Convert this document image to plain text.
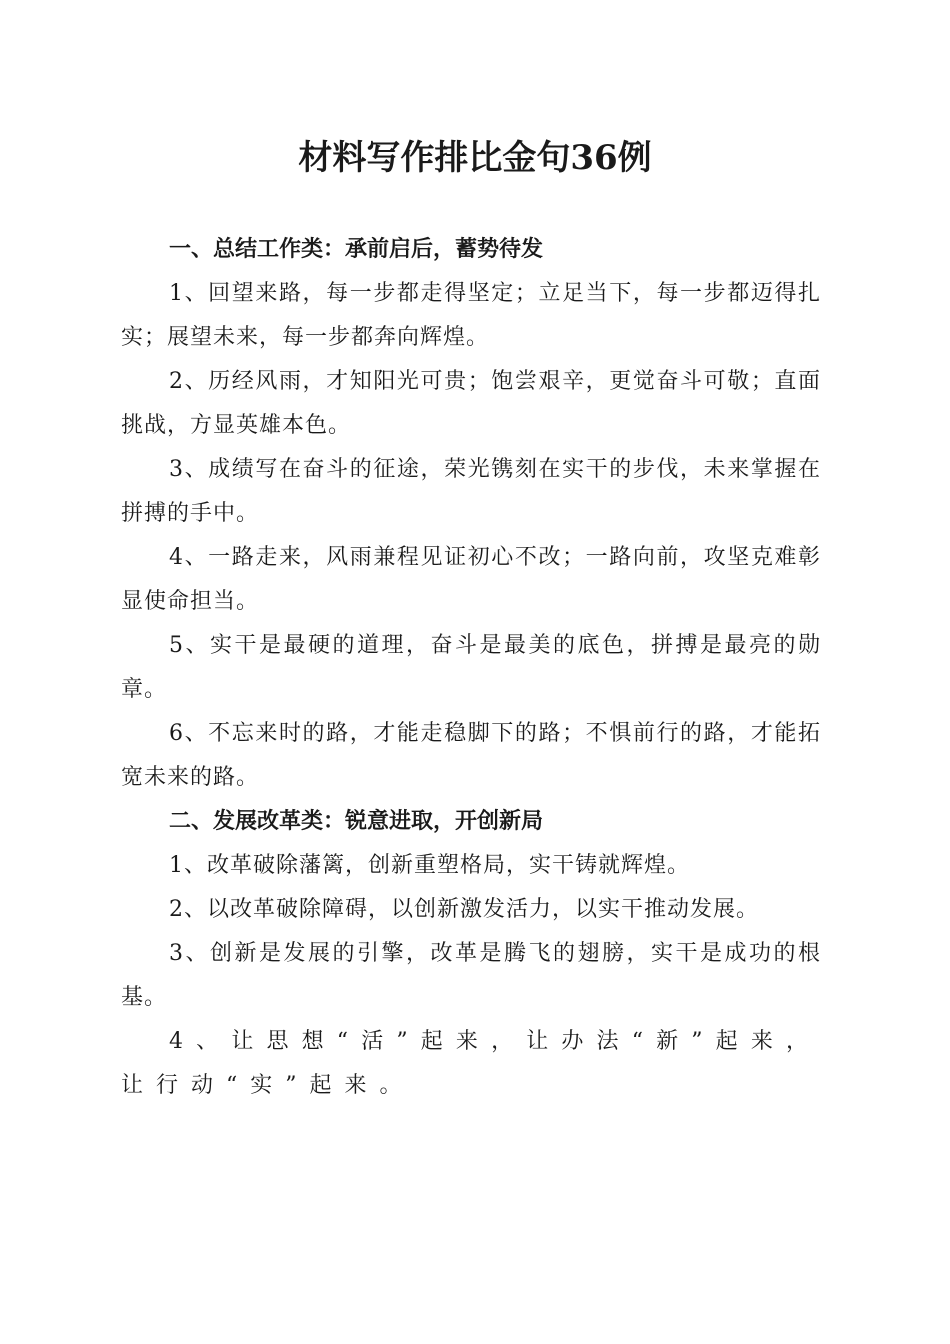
材料写作排比金句36例

一、总结工作类：承前启后，蓄势待发

1、回望来路，每一步都走得坚定；立足当下，每一步都迈得扎实；展望未来，每一步都奔向辉煌。

2、历经风雨，才知阳光可贵；饱尝艰辛，更觉奋斗可敬；直面挑战，方显英雄本色。

3、成绩写在奋斗的征途，荣光镌刻在实干的步伐，未来掌握在拼搏的手中。

4、一路走来，风雨兼程见证初心不改；一路向前，攻坚克难彰显使命担当。

5、实干是最硬的道理，奋斗是最美的底色，拼搏是最亮的勋章。

6、不忘来时的路，才能走稳脚下的路；不惧前行的路，才能拓宽未来的路。

二、发展改革类：锐意进取，开创新局

1、改革破除藩篱，创新重塑格局，实干铸就辉煌。

2、以改革破除障碍，以创新激发活力，以实干推动发展。

3、创新是发展的引擎，改革是腾飞的翅膀，实干是成功的根基。

4、让思想“活”起来，让办法“新”起来，让行动“实”起来。
